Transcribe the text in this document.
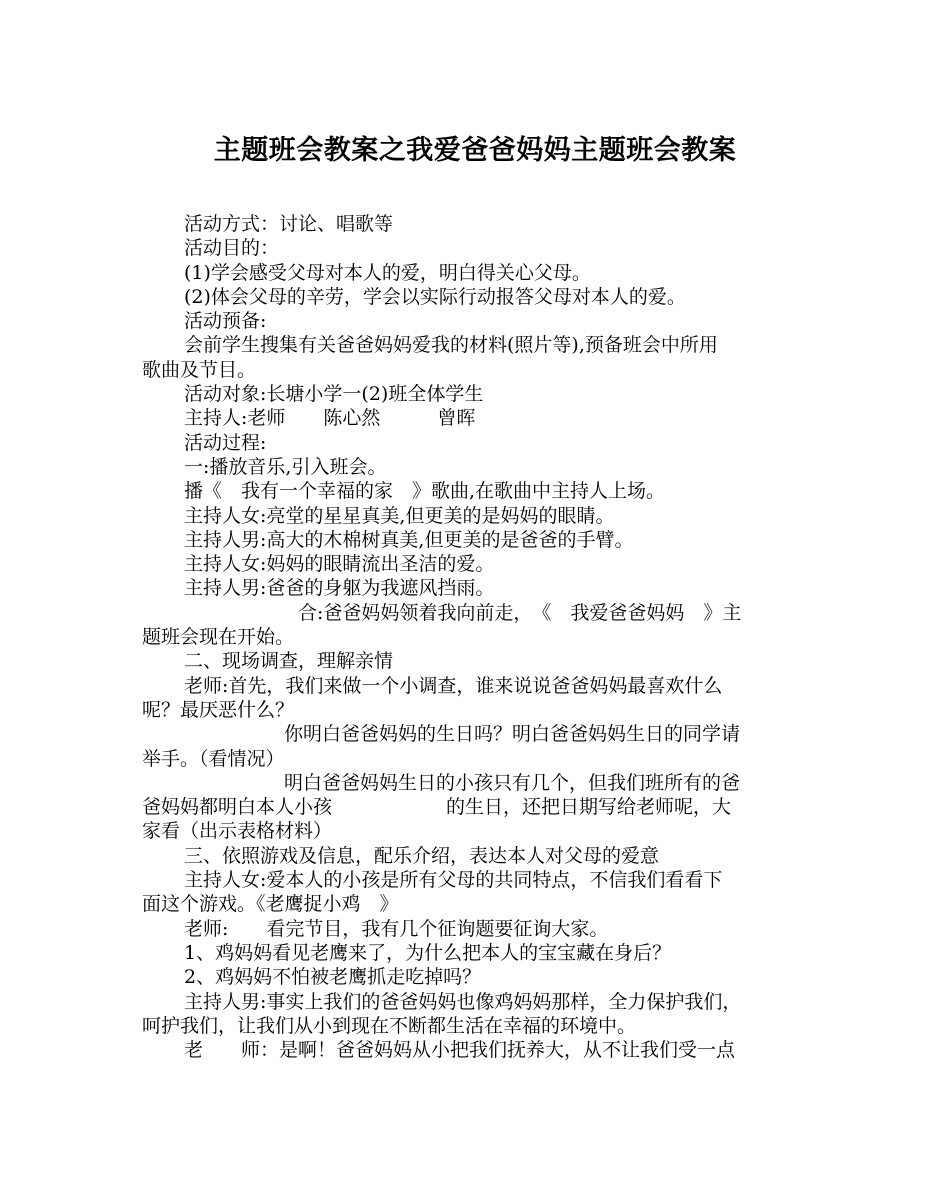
主题班会教案之我爱爸爸妈妈主题班会教案
活动方式：讨论、唱歌等
活动目的：
(1)学会感受父母对本人的爱，明白得关心父母。
(2)体会父母的辛劳，学会以实际行动报答父母对本人的爱。
活动预备:
会前学生搜集有关爸爸妈妈爱我的材料(照片等),预备班会中所用
歌曲及节目。
活动对象:长塘小学一(2)班全体学生
主持人:老师　　陈心然　　　曾晖
活动过程:
一:播放音乐,引入班会。
播《　我有一个幸福的家　》歌曲,在歌曲中主持人上场。
主持人女:亮堂的星星真美,但更美的是妈妈的眼睛。
主持人男:高大的木棉树真美,但更美的是爸爸的手臂。
主持人女:妈妈的眼睛流出圣洁的爱。
主持人男:爸爸的身躯为我遮风挡雨。
合:爸爸妈妈领着我向前走，　《　我爱爸爸妈妈　》主
题班会现在开始。
二、现场调查，理解亲情
老师:首先，我们来做一个小调查，谁来说说爸爸妈妈最喜欢什么
呢？最厌恶什么？
你明白爸爸妈妈的生日吗？明白爸爸妈妈生日的同学请
举手。（看情况）
明白爸爸妈妈生日的小孩只有几个，但我们班所有的爸
爸妈妈都明白本人小孩　　　　　　的生日，还把日期写给老师呢，大
家看（出示表格材料）
三、依照游戏及信息，配乐介绍，表达本人对父母的爱意
主持人女:爱本人的小孩是所有父母的共同特点，不信我们看看下
面这个游戏。《老鹰捉小鸡　》
老师:　　看完节目，我有几个征询题要征询大家。
1、鸡妈妈看见老鹰来了，为什么把本人的宝宝藏在身后？
2、鸡妈妈不怕被老鹰抓走吃掉吗？
主持人男:事实上我们的爸爸妈妈也像鸡妈妈那样，全力保护我们，
呵护我们，让我们从小到现在不断都生活在幸福的环境中。
老　　师：是啊！爸爸妈妈从小把我们抚养大，从不让我们受一点
